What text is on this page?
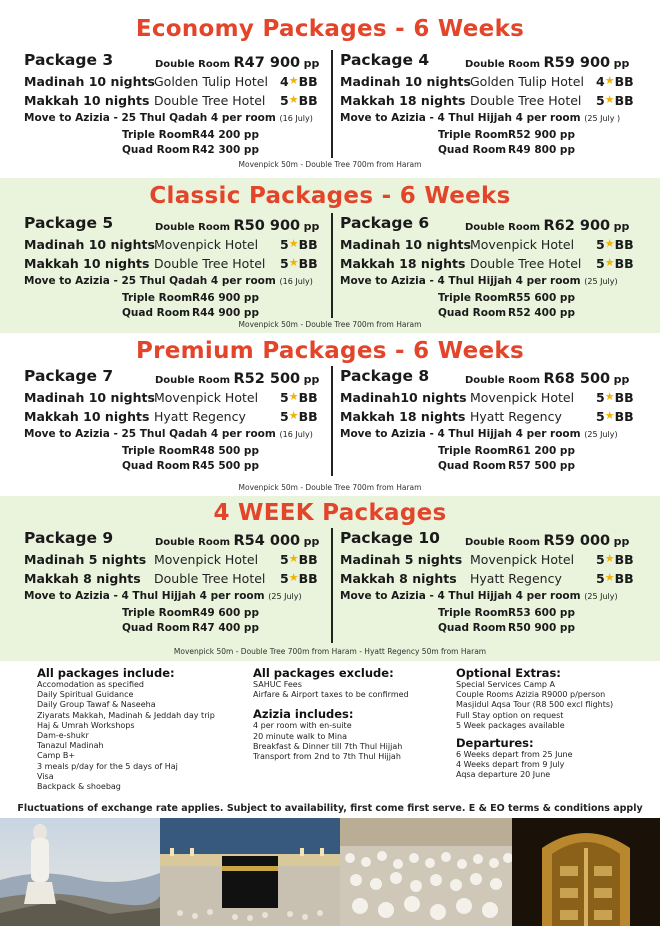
Economy Packages - 6 Weeks
Package 3	Double Room R47 900 pp
Madinah 10 nights Golden Tulip Hotel 4★BB
Makkah 10 nights Double Tree Hotel 5★BB
Move to Azizia - 25 Thul Qadah 4 per room (16 July)
Triple RoomR44 200 pp
Quad Room R42 300 pp
Package 4	Double Room R59 900 pp
Madinah 10 nights Golden Tulip Hotel 4★BB
Makkah 18 nights Double Tree Hotel 5★BB
Move to Azizia - 4 Thul Hijjah 4 per room (25 July )
Triple RoomR52 900 pp
Quad Room R49 800 pp
Movenpick 50m - Double Tree 700m from Haram
Classic Packages - 6 Weeks
Package 5	Double Room R50 900 pp
Madinah 10 nights Movenpick Hotel 5★BB
Makkah 10 nights Double Tree Hotel 5★BB
Move to Azizia - 25 Thul Qadah 4 per room (16 July)
Triple RoomR46 900 pp
Quad Room R44 900 pp
Package 6	Double Room R62 900 pp
Madinah 10 nights Movenpick Hotel 5★BB
Makkah 18 nights Double Tree Hotel 5★BB
Move to Azizia - 4 Thul Hijjah 4 per room (25 July)
Triple RoomR55 600 pp
Quad Room R52 400 pp
Movenpick 50m - Double Tree 700m from Haram
Premium Packages - 6 Weeks
Package 7	Double Room R52 500 pp
Madinah 10 nights Movenpick Hotel 5★BB
Makkah 10 nights Hyatt Regency	5★BB
Move to Azizia - 25 Thul Qadah 4 per room (16 July)
Triple RoomR48 500 pp
Quad Room R45 500 pp
Package 8	Double Room R68 500 pp
Madinah10 nights Movenpick Hotel 5★BB
Makkah 18 nights Hyatt Regency	5★BB
Move to Azizia - 4 Thul Hijjah 4 per room (25 July)
Triple RoomR61 200 pp
Quad Room R57 500 pp
Movenpick 50m - Double Tree 700m from Haram
4 WEEK Packages
Package 9	Double Room R54 000 pp
Madinah 5 nights Movenpick Hotel 5★BB
Makkah 8 nights Double Tree Hotel 5★BB
Move to Azizia - 4 Thul Hijjah 4 per room (25 July)
Triple RoomR49 600 pp
Quad Room R47 400 pp
Package 10	Double Room R59 000 pp
Madinah 5 nights Movenpick Hotel 5★BB
Makkah 8 nights Hyatt Regency	5★BB
Move to Azizia - 4 Thul Hijjah 4 per room (25 July)
Triple RoomR53 600 pp
Quad Room R50 900 pp
Movenpick 50m - Double Tree 700m from Haram - Hyatt Regency 50m from Haram
All packages include:
Accomodation as specified
Daily Spiritual Guidance
Daily Group Tawaf & Naseeha
Ziyarats Makkah, Madinah & Jeddah day trip
Haj & Umrah Workshops
Dam-e-shukr
Tanazul Madinah
Camp B+
3 meals p/day for the 5 days of Haj
Visa
Backpack & shoebag
All packages exclude:
SAHUC Fees
Airfare & Airport taxes to be confirmed
Azizia includes:
4 per room with en-suite
20 minute walk to Mina
Breakfast & Dinner till 7th Thul Hijjah
Transport from 2nd to 7th Thul Hijjah
Optional Extras:
Special Services Camp A
Couple Rooms Azizia R9000 p/person
Masjidul Aqsa Tour (R8 500 excl flights)
Full Stay option on request
5 Week packages available
Departures:
6 Weeks depart from 25 June
4 Weeks depart from 9 July
Aqsa departure 20 June
Fluctuations of exchange rate applies. Subject to availability, first come first serve. E & EO terms & conditions apply
